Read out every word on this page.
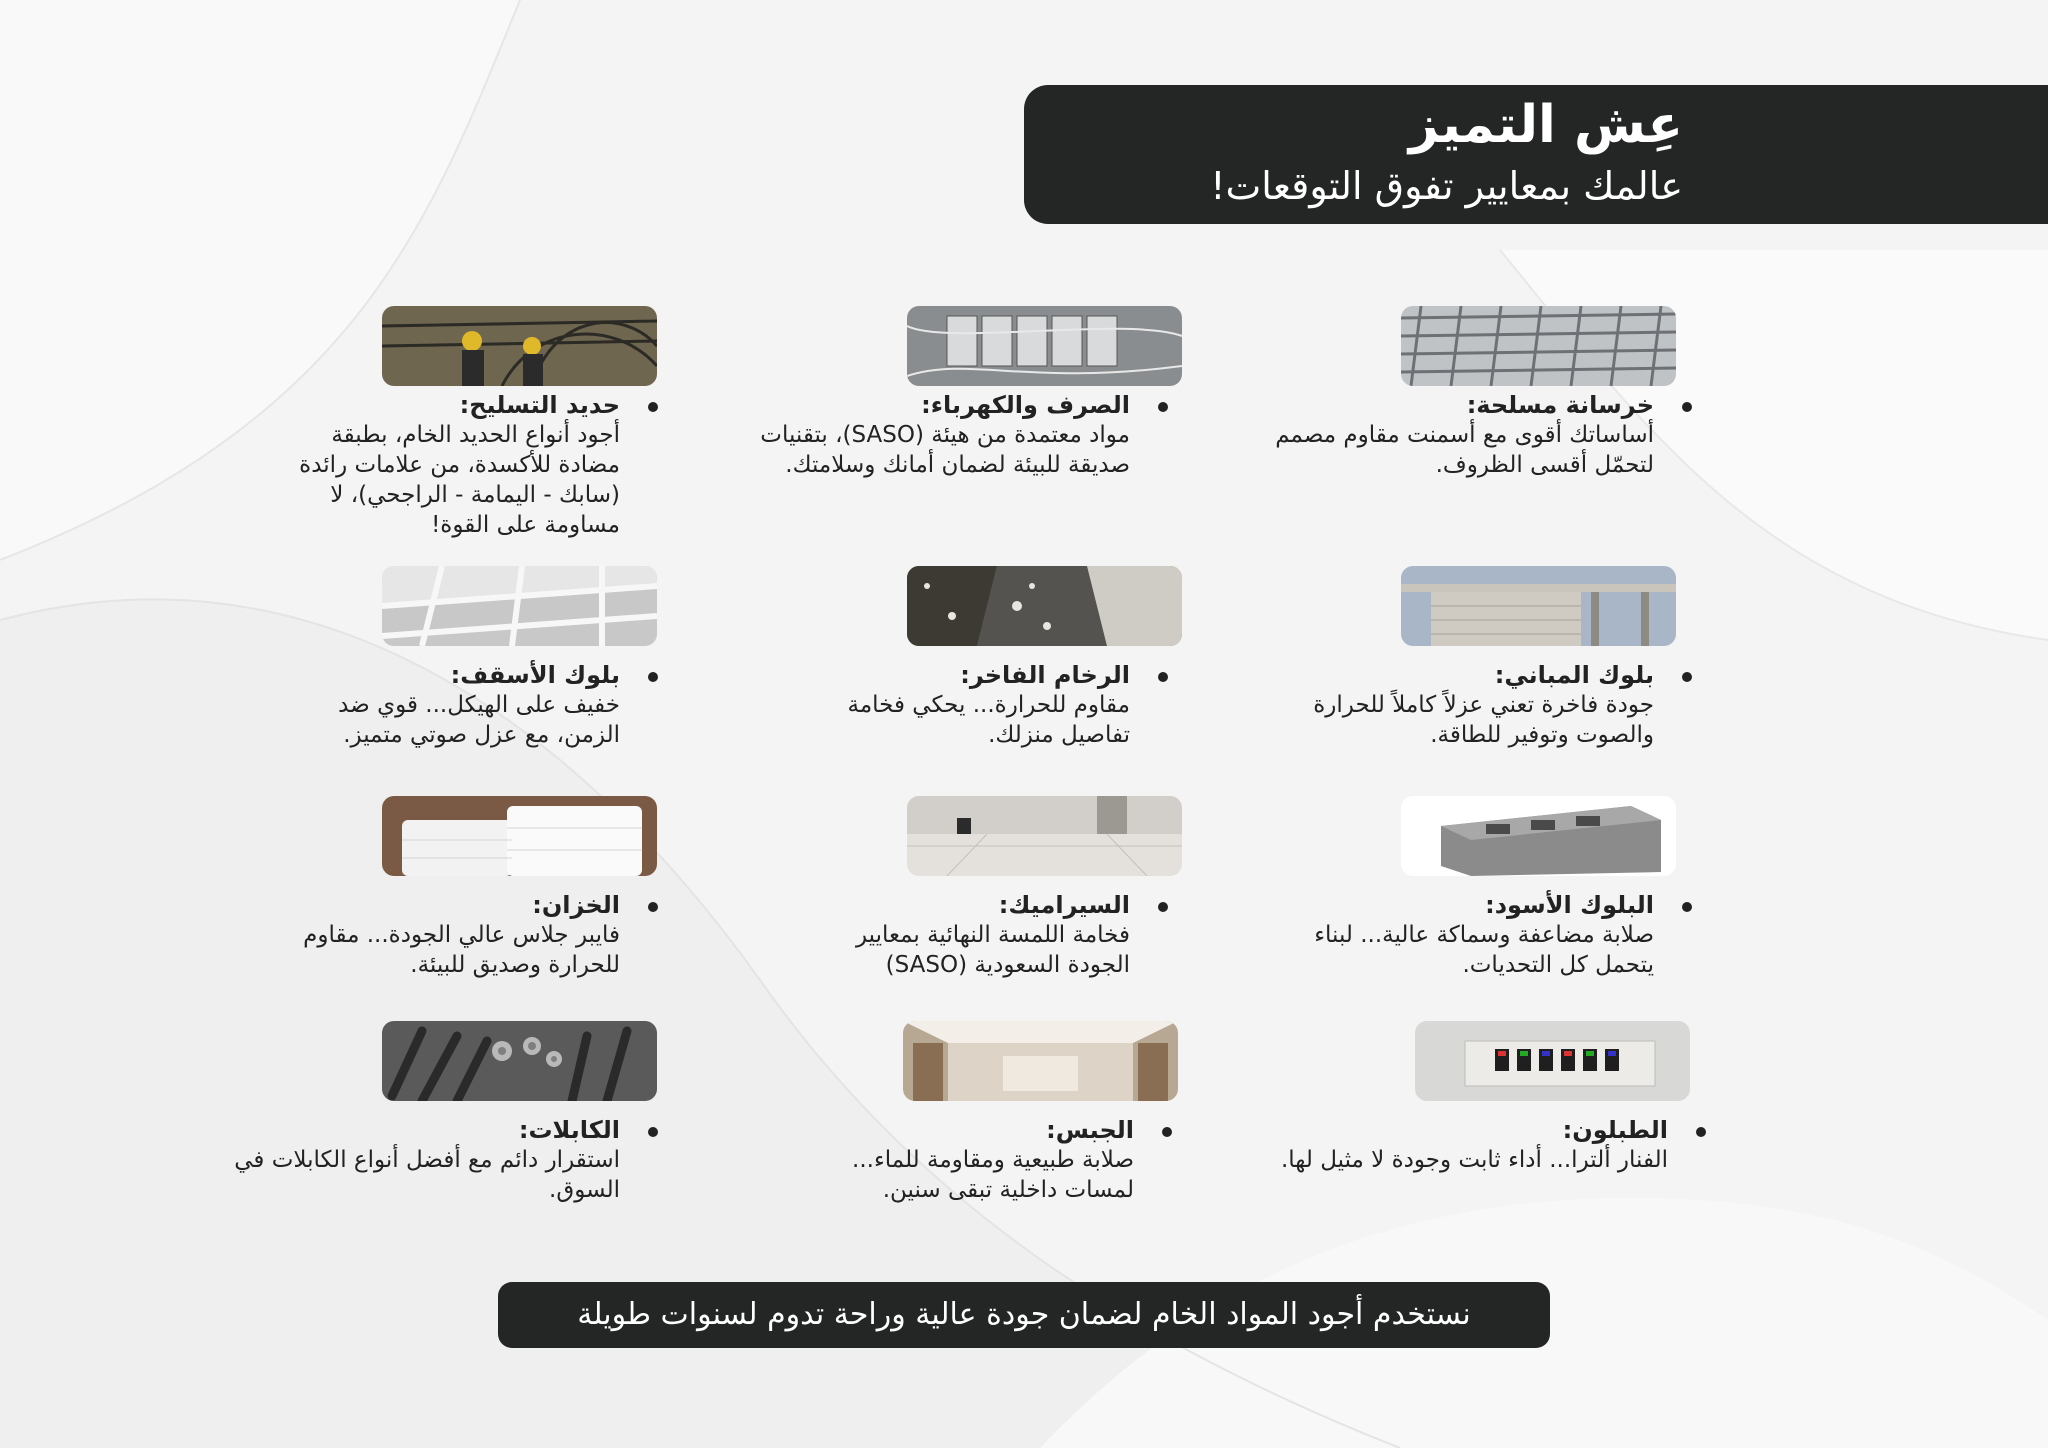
عِش التميز
عالمك بمعايير تفوق التوقعات!
خرسانة مسلحة:
أساساتك أقوى مع أسمنت مقاوم مصمم لتحمّل أقسى الظروف.
الصرف والكهرباء:
مواد معتمدة من هيئة (SASO)، بتقنيات صديقة للبيئة لضمان أمانك وسلامتك.
حديد التسليح:
أجود أنواع الحديد الخام، بطبقة مضادة للأكسدة، من علامات رائدة (سابك - اليمامة - الراجحي)، لا مساومة على القوة!
بلوك المباني:
جودة فاخرة تعني عزلاً كاملاً للحرارة والصوت وتوفير للطاقة.
الرخام الفاخر:
مقاوم للحرارة... يحكي فخامة تفاصيل منزلك.
بلوك الأسقف:
خفيف على الهيكل... قوي ضد الزمن، مع عزل صوتي متميز.
البلوك الأسود:
صلابة مضاعفة وسماكة عالية... لبناء يتحمل كل التحديات.
السيراميك:
فخامة اللمسة النهائية بمعايير الجودة السعودية (SASO)
الخزان:
فايبر جلاس عالي الجودة... مقاوم للحرارة وصديق للبيئة.
الطبلون:
الفنار ألترا... أداء ثابت وجودة لا مثيل لها.
الجبس:
صلابة طبيعية ومقاومة للماء... لمسات داخلية تبقى سنين.
الكابلات:
استقرار دائم مع أفضل أنواع الكابلات في السوق.
نستخدم أجود المواد الخام لضمان جودة عالية وراحة تدوم لسنوات طويلة
